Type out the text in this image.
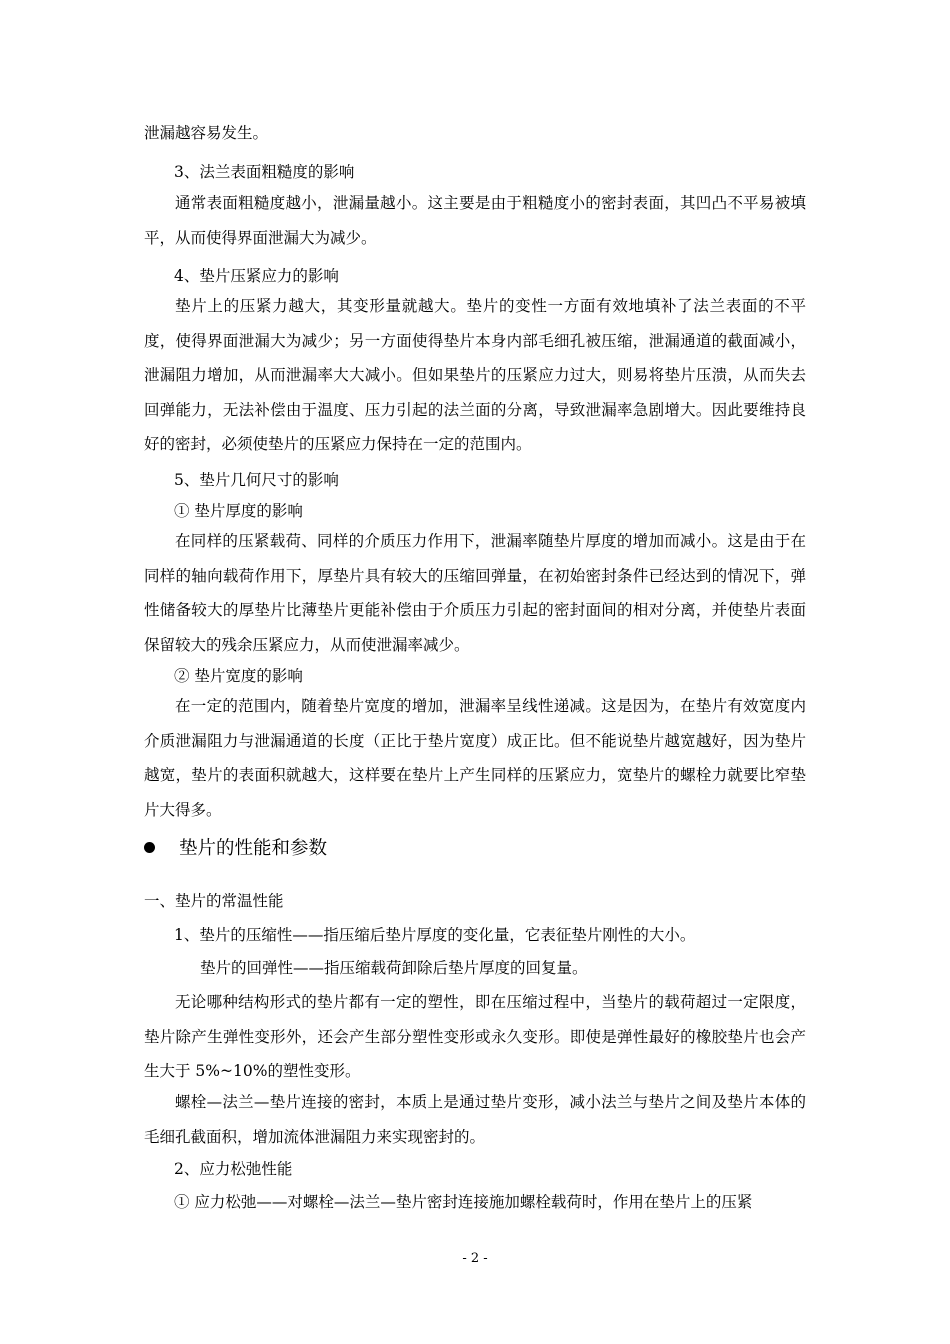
泄漏越容易发生。

3、法兰表面粗糙度的影响

通常表面粗糙度越小，泄漏量越小。这主要是由于粗糙度小的密封表面，其凹凸不平易被填平，从而使得界面泄漏大为减少。

4、垫片压紧应力的影响

垫片上的压紧力越大，其变形量就越大。垫片的变性一方面有效地填补了法兰表面的不平度，使得界面泄漏大为减少；另一方面使得垫片本身内部毛细孔被压缩，泄漏通道的截面减小，泄漏阻力增加，从而泄漏率大大减小。但如果垫片的压紧应力过大，则易将垫片压溃，从而失去回弹能力，无法补偿由于温度、压力引起的法兰面的分离，导致泄漏率急剧增大。因此要维持良好的密封，必须使垫片的压紧应力保持在一定的范围内。

5、垫片几何尺寸的影响

① 垫片厚度的影响

在同样的压紧载荷、同样的介质压力作用下，泄漏率随垫片厚度的增加而减小。这是由于在同样的轴向载荷作用下，厚垫片具有较大的压缩回弹量，在初始密封条件已经达到的情况下，弹性储备较大的厚垫片比薄垫片更能补偿由于介质压力引起的密封面间的相对分离，并使垫片表面保留较大的残余压紧应力，从而使泄漏率减少。

② 垫片宽度的影响

在一定的范围内，随着垫片宽度的增加，泄漏率呈线性递减。这是因为，在垫片有效宽度内介质泄漏阻力与泄漏通道的长度（正比于垫片宽度）成正比。但不能说垫片越宽越好，因为垫片越宽，垫片的表面积就越大，这样要在垫片上产生同样的压紧应力，宽垫片的螺栓力就要比窄垫片大得多。

垫片的性能和参数

一、垫片的常温性能

1、垫片的压缩性——指压缩后垫片厚度的变化量，它表征垫片刚性的大小。

垫片的回弹性——指压缩载荷卸除后垫片厚度的回复量。

无论哪种结构形式的垫片都有一定的塑性，即在压缩过程中，当垫片的载荷超过一定限度，垫片除产生弹性变形外，还会产生部分塑性变形或永久变形。即使是弹性最好的橡胶垫片也会产生大于 5%~10%的塑性变形。

螺栓—法兰—垫片连接的密封，本质上是通过垫片变形，减小法兰与垫片之间及垫片本体的毛细孔截面积，增加流体泄漏阻力来实现密封的。

2、应力松弛性能

① 应力松弛——对螺栓—法兰—垫片密封连接施加螺栓载荷时，作用在垫片上的压紧

- 2 -
